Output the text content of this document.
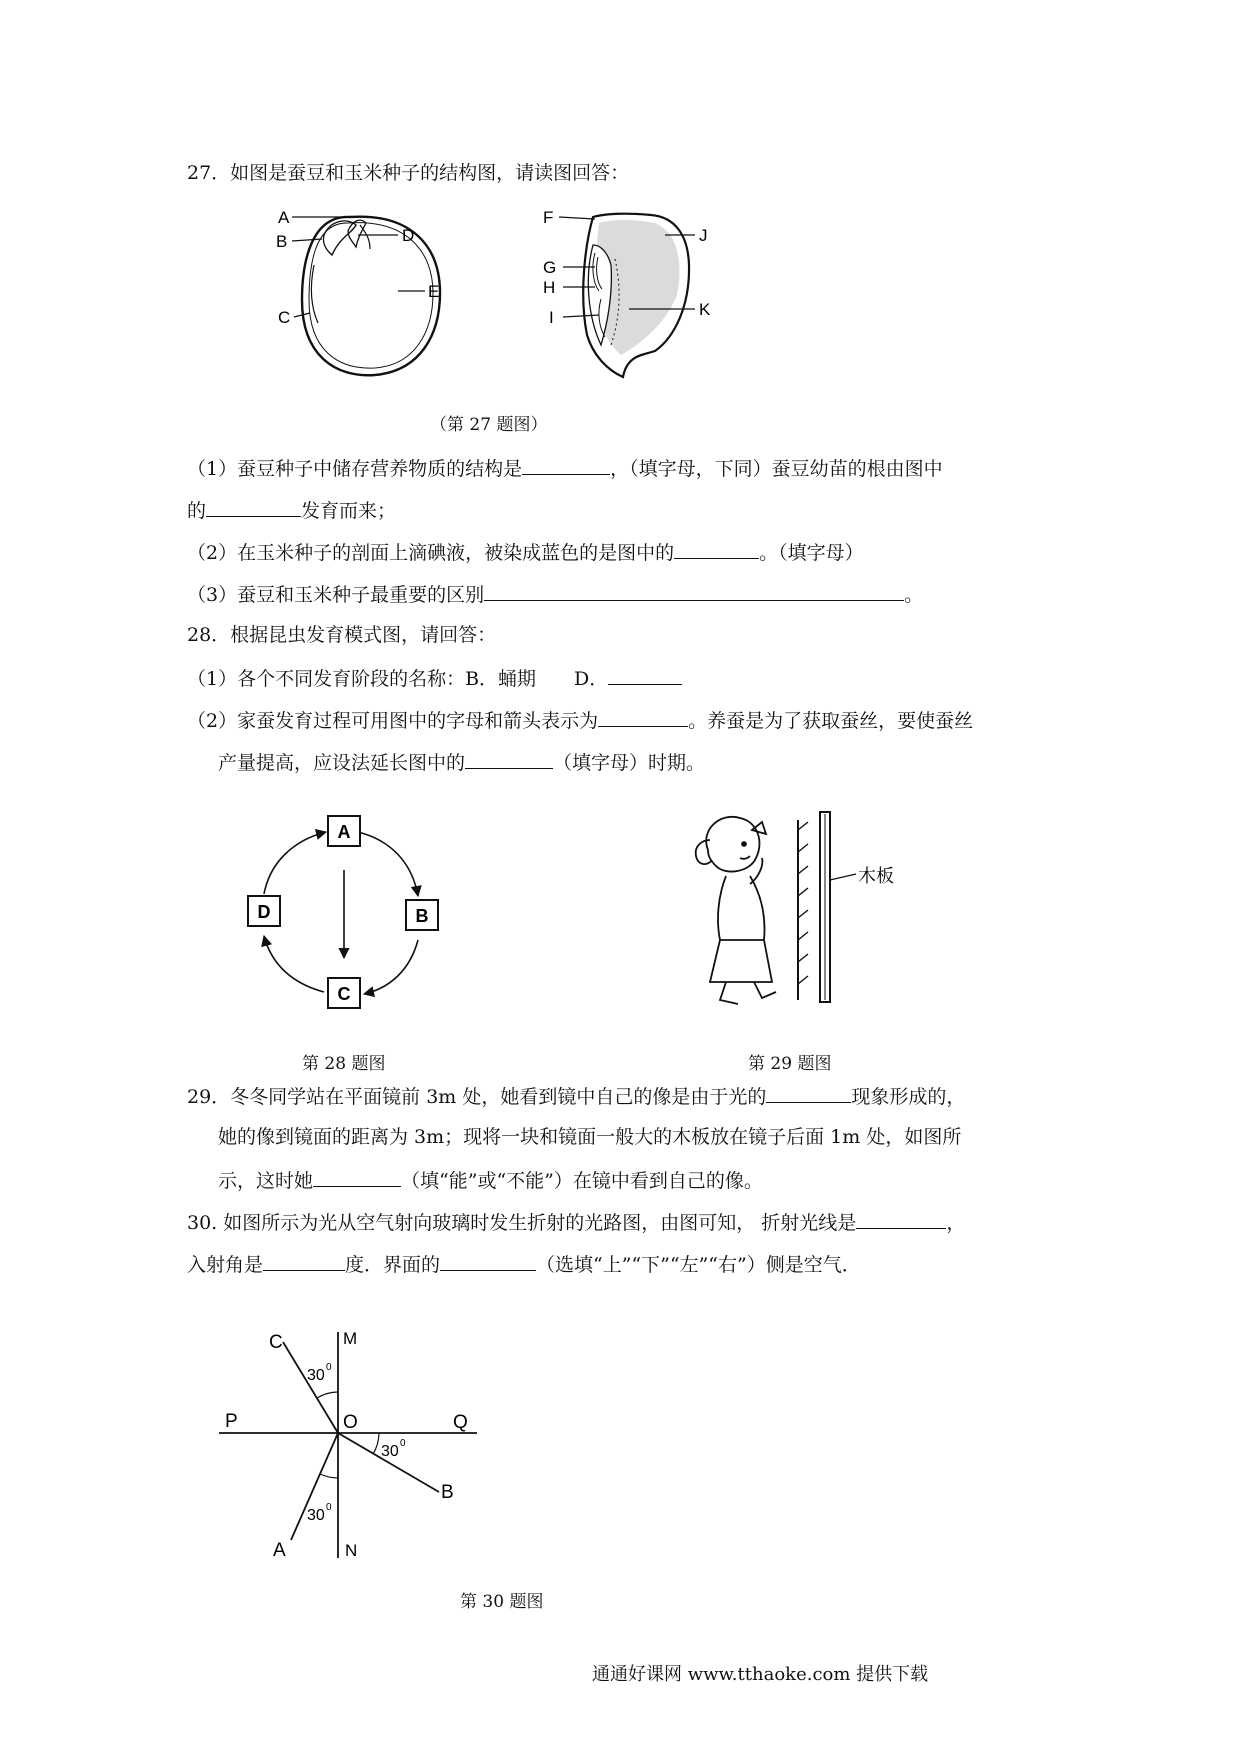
27．如图是蚕豆和玉米种子的结构图，请读图回答：
A
B
C
D
E
F
G
H
I
J
K
（第 27 题图）
（1）蚕豆种子中储存营养物质的结构是	，（填字母，下同）蚕豆幼苗的根由图中
的	发育而来；
（2）在玉米种子的剖面上滴碘液，被染成蓝色的是图中的	。（填字母）
（3）蚕豆和玉米种子最重要的区别	。
28．根据昆虫发育模式图，请回答：
（1）各个不同发育阶段的名称：B．蛹期　　D．
（2）家蚕发育过程可用图中的字母和箭头表示为	。养蚕是为了获取蚕丝，要使蚕丝
产量提高，应设法延长图中的	（填字母）时期。
A
B
C
D
木板
第 28 题图	第 29 题图
29．冬冬同学站在平面镜前 3m 处，她看到镜中自己的像是由于光的	现象形成的，
她的像到镜面的距离为 3m；现将一块和镜面一般大的木板放在镜子后面 1m 处，如图所
示，这时她	（填“能”或“不能”）在镜中看到自己的像。
30. 如图所示为光从空气射向玻璃时发生折射的光路图，由图可知， 折射光线是	，
入射角是	度．界面的	（选填“上”“下”“左”“右”）侧是空气．
C	M
P	O	Q
B
A	N
30 0
30 0
30 0
第 30 题图
通通好课网 www.tthaoke.com 提供下载
